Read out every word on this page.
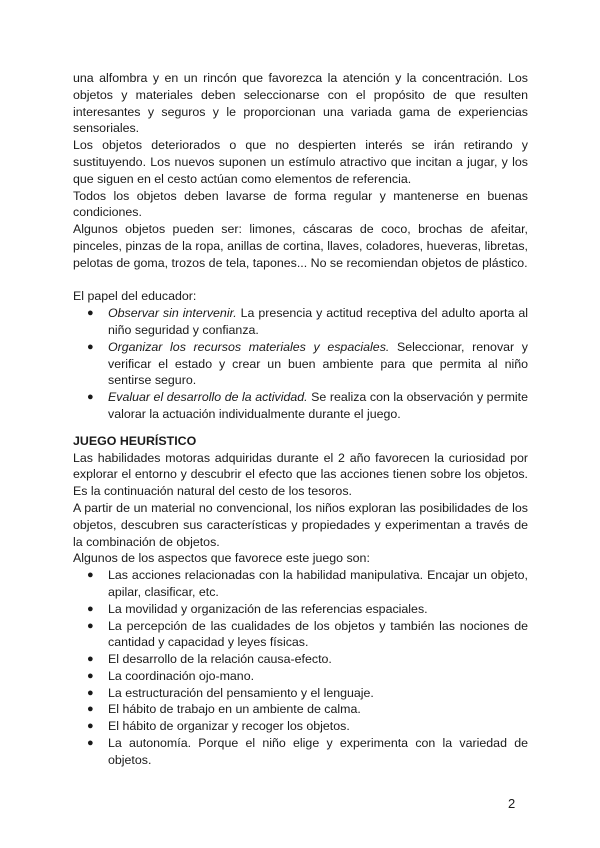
una alfombra y en un rincón que favorezca la atención y la concentración. Los objetos y materiales deben seleccionarse con el propósito de que resulten interesantes y seguros y le proporcionan una variada gama de experiencias sensoriales.

Los objetos deteriorados o que no despierten interés se irán retirando y sustituyendo. Los nuevos suponen un estímulo atractivo que incitan a jugar, y los que siguen en el cesto actúan como elementos de referencia.

Todos los objetos deben lavarse de forma regular y mantenerse en buenas condiciones.

Algunos objetos pueden ser: limones, cáscaras de coco, brochas de afeitar, pinceles, pinzas de la ropa, anillas de cortina, llaves, coladores, hueveras, libretas, pelotas de goma, trozos de tela, tapones... No se recomiendan objetos de plástico.

El papel del educador:

● Observar sin intervenir. La presencia y actitud receptiva del adulto aporta al niño seguridad y confianza.
● Organizar los recursos materiales y espaciales. Seleccionar, renovar y verificar el estado y crear un buen ambiente para que permita al niño sentirse seguro.
● Evaluar el desarrollo de la actividad. Se realiza con la observación y permite valorar la actuación individualmente durante el juego.
JUEGO HEURÍSTICO

Las habilidades motoras adquiridas durante el 2 año favorecen la curiosidad por explorar el entorno y descubrir el efecto que las acciones tienen sobre los objetos. Es la continuación natural del cesto de los tesoros.

A partir de un material no convencional, los niños exploran las posibilidades de los objetos, descubren sus características y propiedades y experimentan a través de la combinación de objetos.

Algunos de los aspectos que favorece este juego son:

● Las acciones relacionadas con la habilidad manipulativa. Encajar un objeto, apilar, clasificar, etc.
● La movilidad y organización de las referencias espaciales.
● La percepción de las cualidades de los objetos y también las nociones de cantidad y capacidad y leyes físicas.
● El desarrollo de la relación causa-efecto.
● La coordinación ojo-mano.
● La estructuración del pensamiento y el lenguaje.
● El hábito de trabajo en un ambiente de calma.
● El hábito de organizar y recoger los objetos.
● La autonomía. Porque el niño elige y experimenta con la variedad de objetos.
2
